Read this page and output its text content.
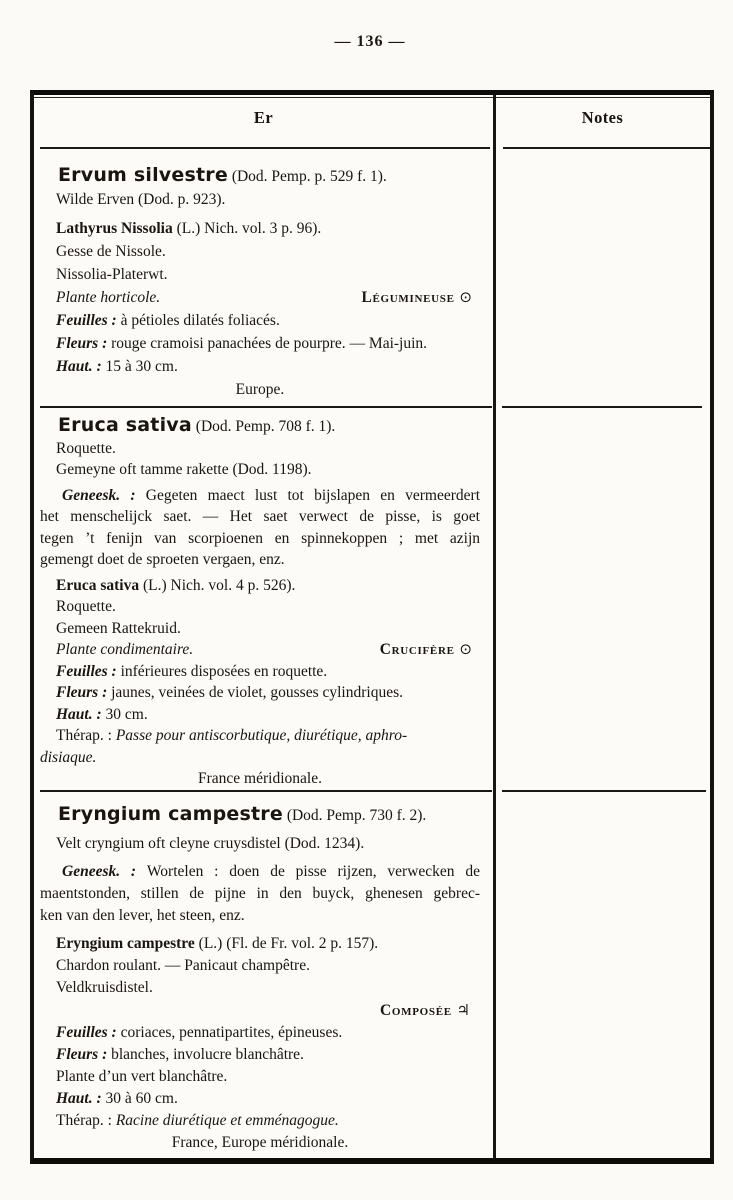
— 136 —
Er	Notes
Ervum silvestre (Dod. Pemp. p. 529 f. 1).
Wilde Erven (Dod. p. 923).
Lathyrus Nissolia (L.) Nich. vol. 3 p. 96).
Gesse de Nissole.
Nissolia-Platerwt.
Plante horticole.	Légumineuse ⊙
Feuilles : à pétioles dilatés foliacés.
Fleurs : rouge cramoisi panachées de pourpre. — Mai-juin.
Haut. : 15 à 30 cm.
Europe.
Eruca sativa (Dod. Pemp. 708 f. 1).
Roquette.
Gemeyne oft tamme rakette (Dod. 1198).
Geneesk. : Gegeten maect lust tot bijslapen en vermeerdert
het menschelijck saet. — Het saet verwect de pisse, is goet
tegen ’t fenijn van scorpioenen en spinnekoppen ; met azijn
gemengt doet de sproeten vergaen, enz.
Eruca sativa (L.) Nich. vol. 4 p. 526).
Roquette.
Gemeen Rattekruid.
Plante condimentaire.	Crucifère ⊙
Feuilles : inférieures disposées en roquette.
Fleurs : jaunes, veinées de violet, gousses cylindriques.
Haut. : 30 cm.
Thérap. : Passe pour antiscorbutique, diurétique, aphro-
disiaque.
France méridionale.
Eryngium campestre (Dod. Pemp. 730 f. 2).
Velt cryngium oft cleyne cruysdistel (Dod. 1234).
Geneesk. : Wortelen : doen de pisse rijzen, verwecken de
maentstonden, stillen de pijne in den buyck, ghenesen gebrec-
ken van den lever, het steen, enz.
Eryngium campestre (L.) (Fl. de Fr. vol. 2 p. 157).
Chardon roulant. — Panicaut champêtre.
Veldkruisdistel.
Composée ♃
Feuilles : coriaces, pennatipartites, épineuses.
Fleurs : blanches, involucre blanchâtre.
Plante d’un vert blanchâtre.
Haut. : 30 à 60 cm.
Thérap. : Racine diurétique et emménagogue.
France, Europe méridionale.
